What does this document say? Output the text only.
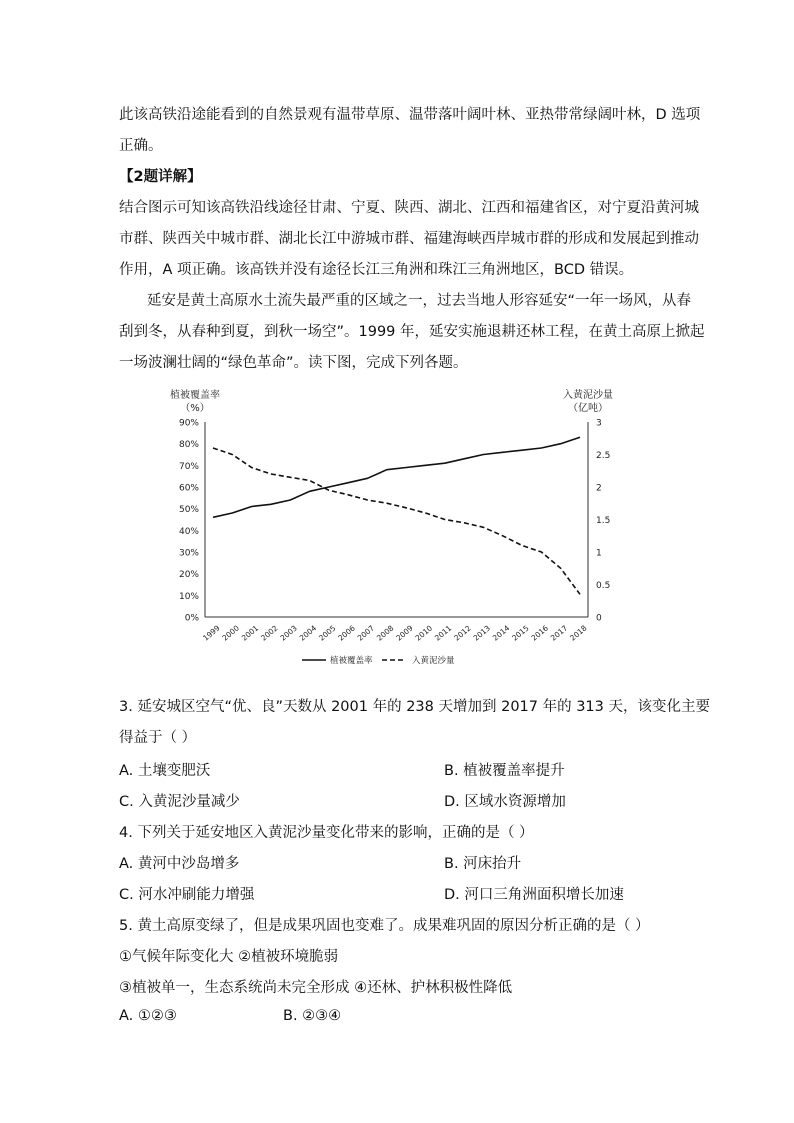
此该高铁沿途能看到的自然景观有温带草原、温带落叶阔叶林、亚热带常绿阔叶林，D 选项
正确。
【2题详解】
结合图示可知该高铁沿线途径甘肃、宁夏、陕西、湖北、江西和福建省区，对宁夏沿黄河城
市群、陕西关中城市群、湖北长江中游城市群、福建海峡西岸城市群的形成和发展起到推动
作用，A 项正确。该高铁并没有途径长江三角洲和珠江三角洲地区，BCD 错误。
延安是黄土高原水土流失最严重的区域之一，过去当地人形容延安“一年一场风，从春
刮到冬，从春种到夏，到秋一场空”。1999 年，延安实施退耕还林工程，在黄土高原上掀起
一场波澜壮阔的“绿色革命”。读下图，完成下列各题。
植被覆盖率
（%）
入黄泥沙量
（亿吨）
0%
10%
20%
30%
40%
50%
60%
70%
80%
90%
0
0.5
1
1.5
2
2.5
3
1999
2000
2001
2002
2003
2004
2005
2006
2007
2008
2009
2010
2011
2012
2013
2014
2015
2016
2017
2018
植被覆盖率	入黄泥沙量
3. 延安城区空气“优、良”天数从 2001 年的 238 天增加到 2017 年的 313 天，该变化主要
得益于（ ）
A. 土壤变肥沃	B. 植被覆盖率提升
C. 入黄泥沙量减少	D. 区域水资源增加
4. 下列关于延安地区入黄泥沙量变化带来的影响，正确的是（ ）
A. 黄河中沙岛增多	B. 河床抬升
C. 河水冲刷能力增强	D. 河口三角洲面积增长加速
5. 黄土高原变绿了，但是成果巩固也变难了。成果难巩固的原因分析正确的是（ ）
①气候年际变化大 ②植被环境脆弱
③植被单一，生态系统尚未完全形成 ④还林、护林积极性降低
A. ①②③	B. ②③④
